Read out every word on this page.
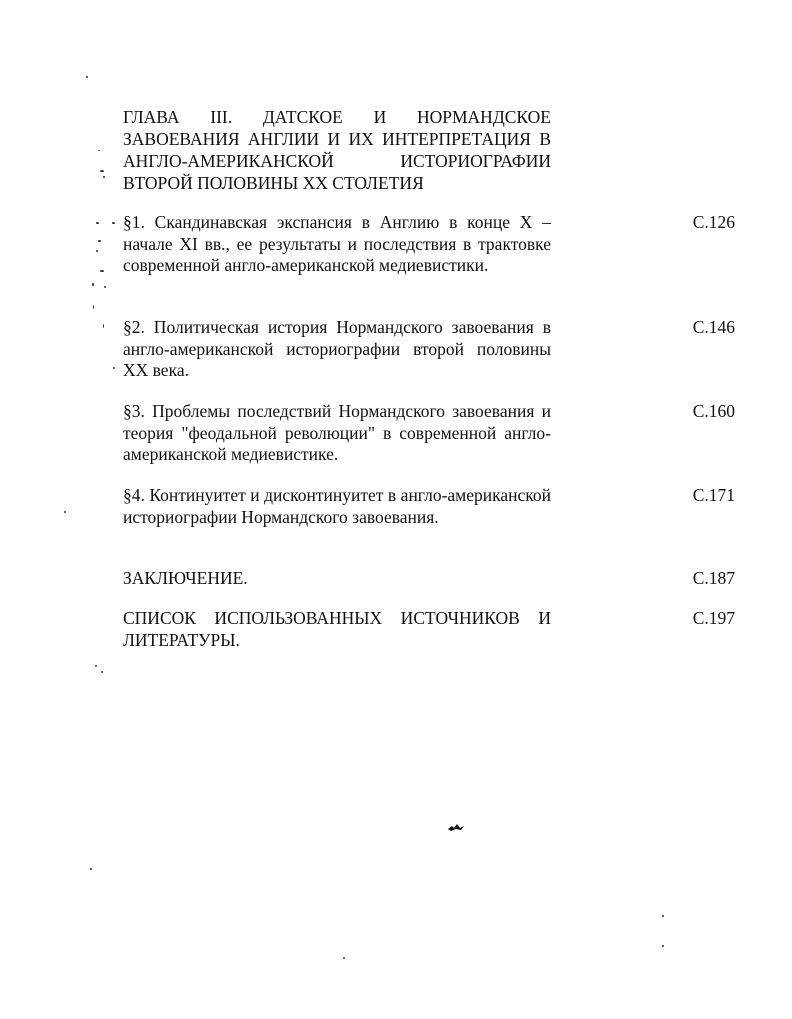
ГЛАВА III. ДАТСКОЕ И НОРМАНДСКОЕ ЗАВОЕВАНИЯ АНГЛИИ И ИХ ИНТЕРПРЕТАЦИЯ В АНГЛО-АМЕРИКАНСКОЙ ИСТОРИОГРАФИИ ВТОРОЙ ПОЛОВИНЫ XX СТОЛЕТИЯ
§1. Скандинавская экспансия в Англию в конце X – начале XI вв., ее результаты и последствия в трактовке современной англо-американской медиевистики.
С.126
§2. Политическая история Нормандского завоевания в англо-американской историографии второй половины XX века.
С.146
§3. Проблемы последствий Нормандского завоевания и теория "феодальной революции" в современной англо-американской медиевистике.
С.160
§4. Континуитет и дисконтинуитет в англо-американской историографии Нормандского завоевания.
С.171
ЗАКЛЮЧЕНИЕ.	С.187
СПИСОК ИСПОЛЬЗОВАННЫХ ИСТОЧНИКОВ И ЛИТЕРАТУРЫ.
С.197
